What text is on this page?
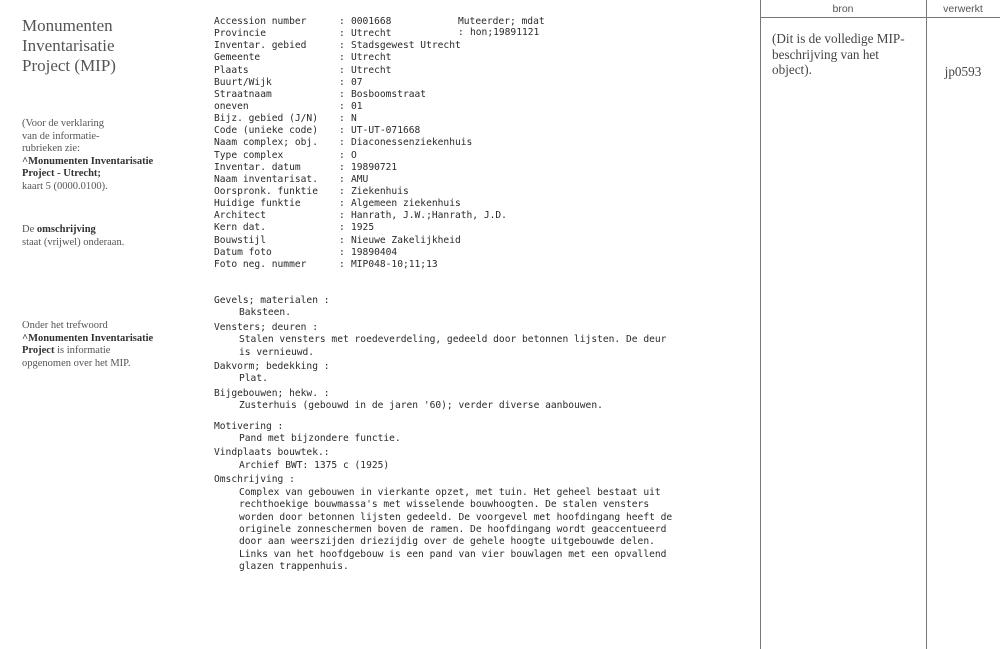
Monumenten
Inventarisatie
Project (MIP)
(Voor de verklaring
van de informatie-
rubrieken zie:
^Monumenten Inventarisatie
Project - Utrecht;
kaart 5 (0000.0100).
De omschrijving
staat (vrijwel) onderaan.
Onder het trefwoord
^Monumenten Inventarisatie
Project is informatie
opgenomen over het MIP.
Muteerder; mdat: hon;19891121
Accession number	: 0001668
Provincie	: Utrecht
Inventar. gebied	: Stadsgewest Utrecht
Gemeente	: Utrecht
Plaats	: Utrecht
Buurt/Wijk	: 07
Straatnaam	: Bosboomstraat
oneven	: 01
Bijz. gebied (J/N) : N
Code (unieke code) : UT-UT-071668
Naam complex; obj. : Diaconessenziekenhuis
Type complex	: O
Inventar. datum	: 19890721
Naam inventarisat. : AMU
Oorspronk. funktie : Ziekenhuis
Huidige funktie	: Algemeen ziekenhuis
Architect	: Hanrath, J.W.;Hanrath, J.D.
Kern dat.	: 1925
Bouwstijl	: Nieuwe Zakelijkheid
Datum foto	: 19890404
Foto neg. nummer	: MIP048-10;11;13
Gevels; materialen :
Baksteen.
Vensters; deuren :
Stalen vensters met roedeverdeling, gedeeld door betonnen lijsten. De deur
is vernieuwd.
Dakvorm; bedekking :
Plat.
Bijgebouwen; hekw. :
Zusterhuis (gebouwd in de jaren '60); verder diverse aanbouwen.
Motivering :
Pand met bijzondere functie.
Vindplaats bouwtek.:
Archief BWT: 1375 c (1925)
Omschrijving :
Complex van gebouwen in vierkante opzet, met tuin. Het geheel bestaat uit
rechthoekige bouwmassa's met wisselende bouwhoogten. De stalen vensters
worden door betonnen lijsten gedeeld. De voorgevel met hoofdingang heeft de
originele zonneschermen boven de ramen. De hoofdingang wordt geaccentueerd
door aan weerszijden driezijdig over de gehele hoogte uitgebouwde delen.
Links van het hoofdgebouw is een pand van vier bouwlagen met een opvallend
glazen trappenhuis.
bron	verwerkt
(Dit is de volledige MIP-beschrijving van het object).	jp0593
